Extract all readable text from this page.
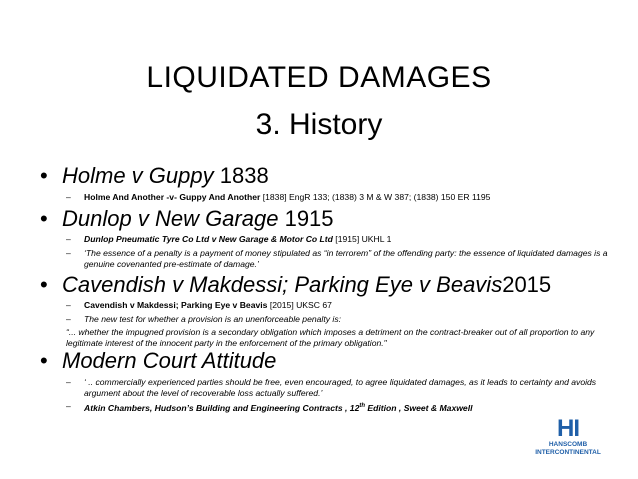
LIQUIDATED DAMAGES
3. History
• Holme v Guppy 1838
– Holme And Another -v- Guppy And Another [1838] EngR 133; (1838) 3 M & W 387; (1838) 150 ER 1195
• Dunlop v New Garage 1915
– Dunlop Pneumatic Tyre Co Ltd v New Garage & Motor Co Ltd [1915] UKHL 1
– ‘The essence of a penalty is a payment of money stipulated as “in terrorem” of the offending party: the essence of liquidated damages is a genuine covenanted pre-estimate of damage.’
• Cavendish v Makdessi; Parking Eye v Beavis2015
– Cavendish v Makdessi; Parking Eye v Beavis [2015] UKSC 67
– The new test for whether a provision is an unenforceable penalty is:
“... whether the impugned provision is a secondary obligation which imposes a detriment on the contract-breaker out of all proportion to any legitimate interest of the innocent party in the enforcement of the primary obligation."
• Modern Court Attitude
– ‘ .. commercially experienced parties should be free, even encouraged, to agree liquidated damages, as it leads to certainty and avoids argument about the level of recoverable loss actually suffered.’
– Atkin Chambers, Hudson’s Building and Engineering Contracts , 12th Edition , Sweet & Maxwell
HI
HANSCOMB
INTERCONTINENTAL
